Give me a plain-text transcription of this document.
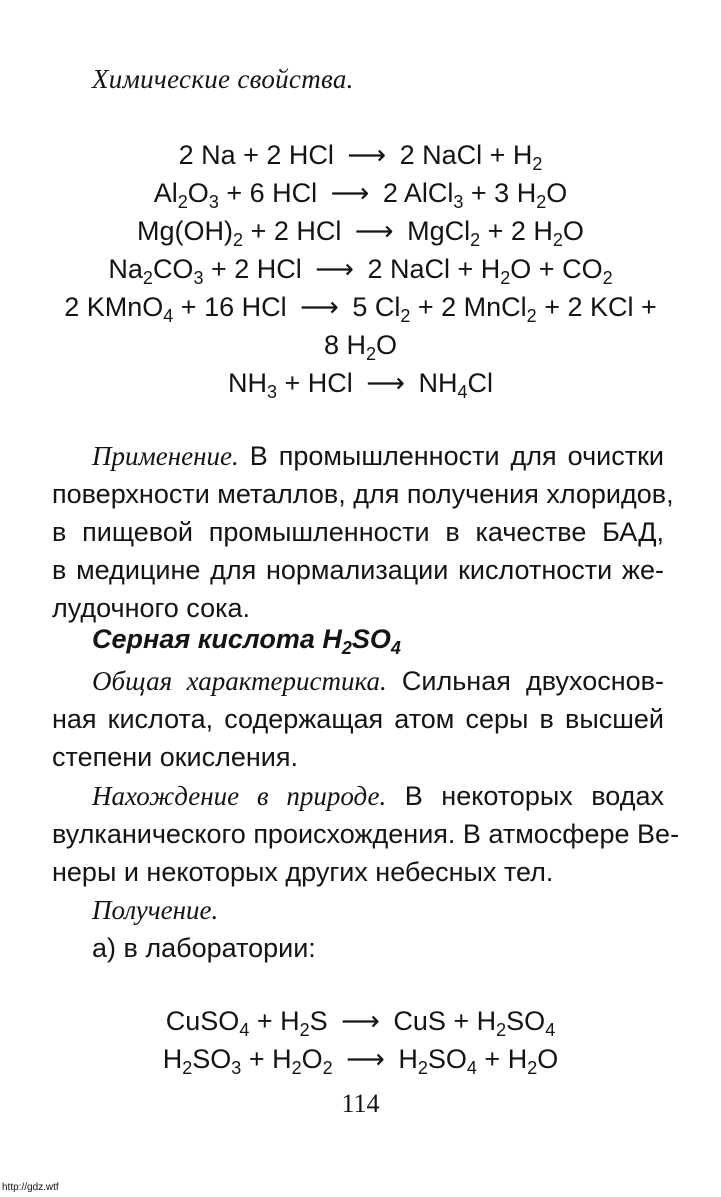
Химические свойства.
2 Na + 2 HCl ⟶ 2 NaCl + $H_2$
$Al_2O_3 + 6$ HCl ⟶ 2 AlCl$_3$ + 3 $H_2O$
$Mg(OH)_2 + 2$ HCl ⟶ MgCl$_2$ + 2 $H_2O$
$Na_2CO_3 + 2$ HCl ⟶ 2 NaCl + $H_2O + CO_2$
2 KMnO$_4$ + 16 HCl ⟶ 5 $Cl_2 + 2$ MnCl$_2$ + 2 KCl +
8 $H_2O$
$NH_3$ + HCl ⟶ $NH_4Cl$
Применение. В промышленности для очистки
поверхности металлов, для получения хлоридов,
в пищевой промышленности в качестве БАД,
в медицине для нормализации кислотности же-
лудочного сока.
Серная кислота $H_2SO_4$
Общая характеристика. Сильная двухоснов-
ная кислота, содержащая атом серы в высшей
степени окисления.
Нахождение в природе. В некоторых водах
вулканического происхождения. В атмосфере Ве-
неры и некоторых других небесных тел.
Получение.
а) в лаборатории:
CuSO$_4$ + $H_2S$ ⟶ CuS + $H_2SO_4$
$H_2SO_3 + H_2O_2$ ⟶ $H_2SO_4 + H_2O$
114
http://gdz.wtf
